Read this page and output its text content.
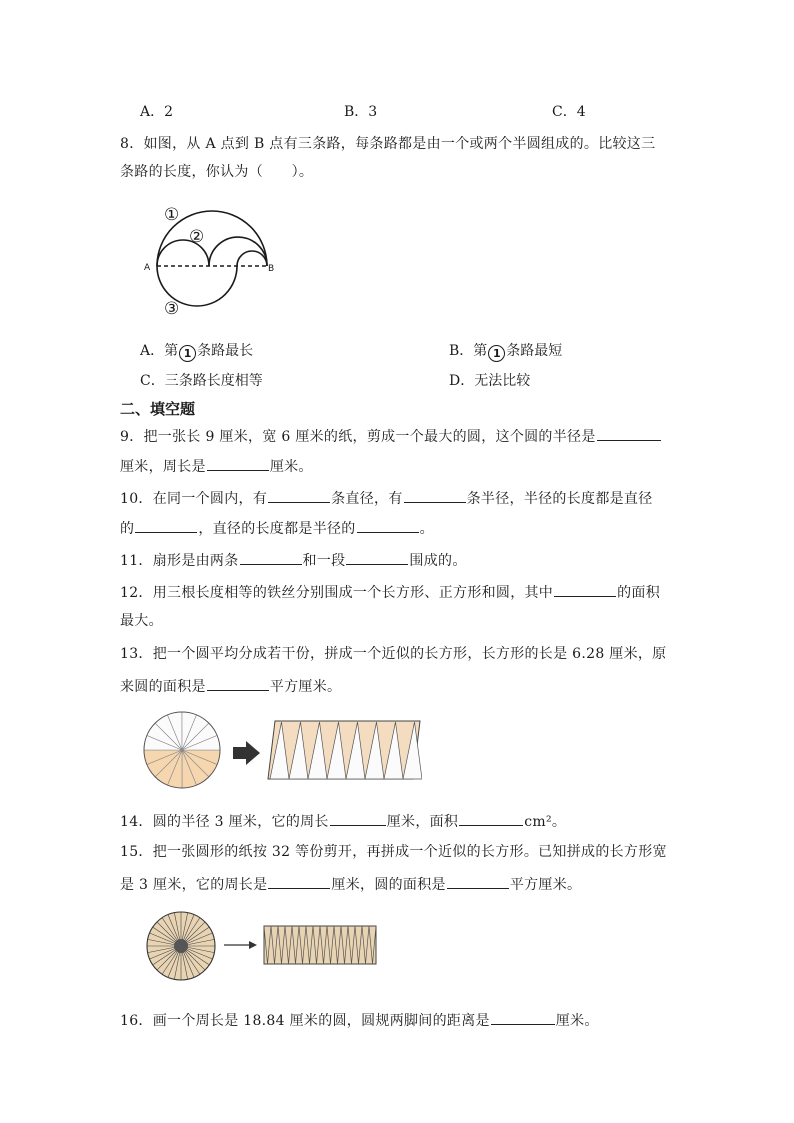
A．2	B．3	C．4
8．如图，从 A 点到 B 点有三条路，每条路都是由一个或两个半圆组成的。比较这三
条路的长度，你认为（　　）。
A	B
①
②
③
A．第 1 条路最长	B．第 1 条路最短
C．三条路长度相等	D．无法比较
二、填空题
9．把一张长 9 厘米，宽 6 厘米的纸，剪成一个最大的圆，这个圆的半径是
厘米，周长是	厘米。
10．在同一个圆内，有	条直径，有	条半径，半径的长度都是直径
的	，直径的长度都是半径的	。
11．扇形是由两条	和一段	围成的。
12．用三根长度相等的铁丝分别围成一个长方形、正方形和圆，其中	的面积
最大。
13．把一个圆平均分成若干份，拼成一个近似的长方形，长方形的长是 6.28 厘米，原
来圆的面积是	平方厘米。
14．圆的半径 3 厘米，它的周长	厘米，面积	cm²。
15．把一张圆形的纸按 32 等份剪开，再拼成一个近似的长方形。已知拼成的长方形宽
是 3 厘米，它的周长是	厘米，圆的面积是	平方厘米。
16．画一个周长是 18.84 厘米的圆，圆规两脚间的距离是	厘米。
